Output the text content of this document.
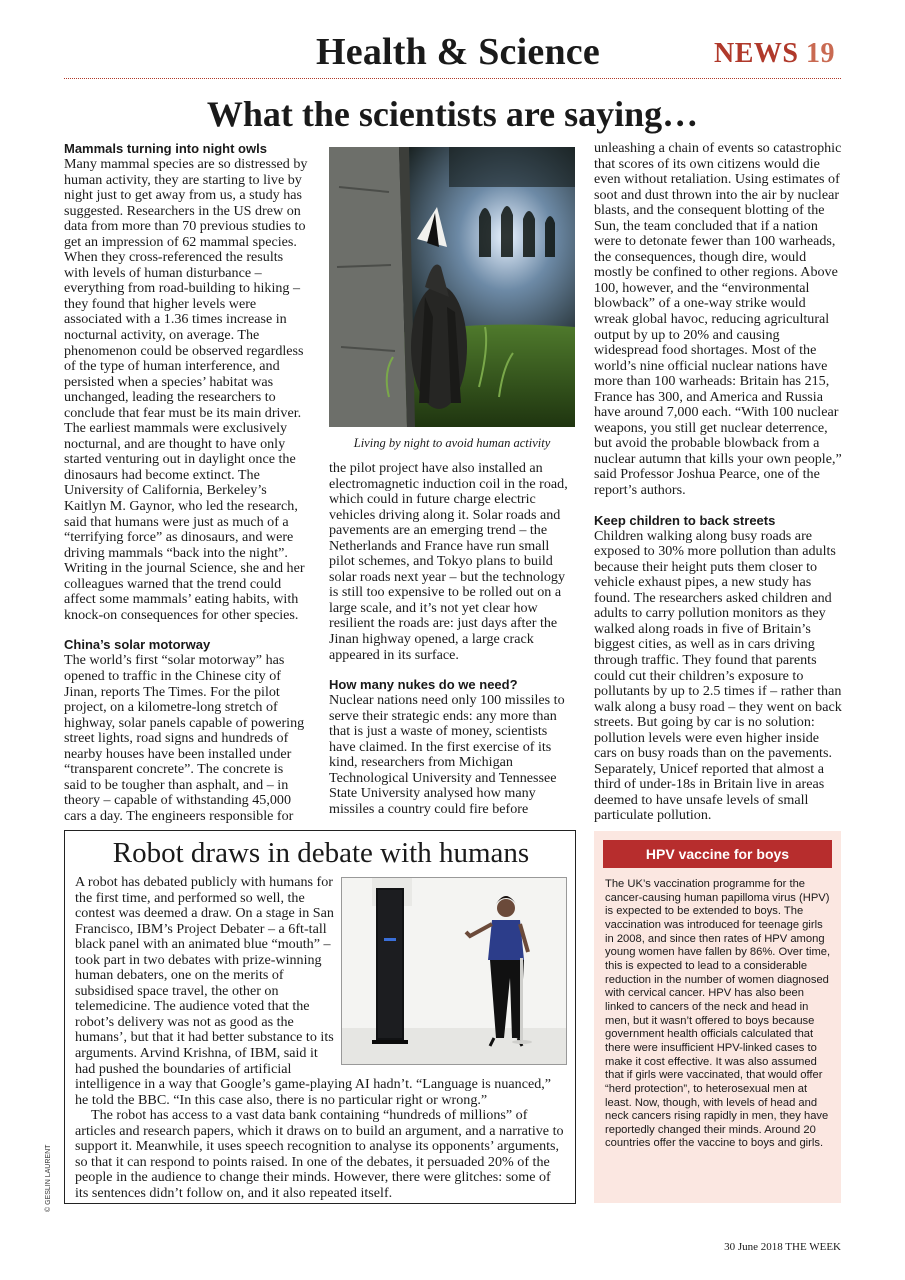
Health & Science	NEWS 19
What the scientists are saying…
Mammals turning into night owls

Many mammal species are so distressed by human activity, they are starting to live by night just to get away from us, a study has suggested. Researchers in the US drew on data from more than 70 previous studies to get an impression of 62 mammal species. When they cross-referenced the results with levels of human disturbance – everything from road-building to hiking – they found that higher levels were associated with a 1.36 times increase in nocturnal activity, on average. The phenomenon could be observed regardless of the type of human interference, and persisted when a species’ habitat was unchanged, leading the researchers to conclude that fear must be its main driver. The earliest mammals were exclusively nocturnal, and are thought to have only started venturing out in daylight once the dinosaurs had become extinct. The University of California, Berkeley’s Kaitlyn M. Gaynor, who led the research, said that humans were just as much of a “terrifying force” as dinosaurs, and were driving mammals “back into the night”. Writing in the journal Science, she and her colleagues warned that the trend could affect some mammals’ eating habits, with knock-on consequences for other species.

China’s solar motorway

The world’s first “solar motorway” has opened to traffic in the Chinese city of Jinan, reports The Times. For the pilot project, on a kilometre-long stretch of highway, solar panels capable of powering street lights, road signs and hundreds of nearby houses have been installed under “transparent concrete”. The concrete is said to be tougher than asphalt, and – in theory – capable of withstanding 45,000 cars a day. The engineers responsible for

Living by night to avoid human activity

the pilot project have also installed an electromagnetic induction coil in the road, which could in future charge electric vehicles driving along it. Solar roads and pavements are an emerging trend – the Netherlands and France have run small pilot schemes, and Tokyo plans to build solar roads next year – but the technology is still too expensive to be rolled out on a large scale, and it’s not yet clear how resilient the roads are: just days after the Jinan highway opened, a large crack appeared in its surface.

How many nukes do we need?

Nuclear nations need only 100 missiles to serve their strategic ends: any more than that is just a waste of money, scientists have claimed. In the first exercise of its kind, researchers from Michigan Technological University and Tennessee State University analysed how many missiles a country could fire before

unleashing a chain of events so catastrophic that scores of its own citizens would die even without retaliation. Using estimates of soot and dust thrown into the air by nuclear blasts, and the consequent blotting of the Sun, the team concluded that if a nation were to detonate fewer than 100 warheads, the consequences, though dire, would mostly be confined to other regions. Above 100, however, and the “environmental blowback” of a one-way strike would wreak global havoc, reducing agricultural output by up to 20% and causing widespread food shortages. Most of the world’s nine official nuclear nations have more than 100 warheads: Britain has 215, France has 300, and America and Russia have around 7,000 each. “With 100 nuclear weapons, you still get nuclear deterrence, but avoid the probable blowback from a nuclear autumn that kills your own people,” said Professor Joshua Pearce, one of the report’s authors.

Keep children to back streets

Children walking along busy roads are exposed to 30% more pollution than adults because their height puts them closer to vehicle exhaust pipes, a new study has found. The researchers asked children and adults to carry pollution monitors as they walked along roads in five of Britain’s biggest cities, as well as in cars driving through traffic. They found that parents could cut their children’s exposure to pollutants by up to 2.5 times if – rather than walk along a busy road – they went on back streets. But going by car is no solution: pollution levels were even higher inside cars on busy roads than on the pavements. Separately, Unicef reported that almost a third of under-18s in Britain live in areas deemed to have unsafe levels of small particulate pollution.

Robot draws in debate with humans

A robot has debated publicly with humans for the first time, and performed so well, the contest was deemed a draw. On a stage in San Francisco, IBM’s Project Debater – a 6ft-tall black panel with an animated blue “mouth” – took part in two debates with prize-winning human debaters, one on the merits of subsidised space travel, the other on telemedicine. The audience voted that the robot’s delivery was not as good as the humans’, but that it had better substance to its arguments. Arvind Krishna, of IBM, said it had pushed the boundaries of artificial intelligence in a way that Google’s game-playing AI hadn’t. “Language is nuanced,” he told the BBC. “In this case also, there is no particular right or wrong.”

The robot has access to a vast data bank containing “hundreds of millions” of articles and research papers, which it draws on to build an argument, and a narrative to support it. Meanwhile, it uses speech recognition to analyse its opponents’ arguments, so that it can respond to points raised. In one of the debates, it persuaded 20% of the people in the audience to change their minds. However, there were glitches: some of its sentences didn’t follow on, and it also repeated itself.

HPV vaccine for boys
The UK’s vaccination programme for the cancer-causing human papilloma virus (HPV) is expected to be extended to boys. The vaccination was introduced for teenage girls in 2008, and since then rates of HPV among young women have fallen by 86%. Over time, this is expected to lead to a considerable reduction in the number of women diagnosed with cervical cancer. HPV has also been linked to cancers of the neck and head in men, but it wasn’t offered to boys because government health officials calculated that there were insufficient HPV-linked cases to make it cost effective. It was also assumed that if girls were vaccinated, that would offer “herd protection”, to heterosexual men at least. Now, though, with levels of head and neck cancers rising rapidly in men, they have reportedly changed their minds. Around 20 countries offer the vaccine to boys and girls.
© GESLIN LAURENT
30 June 2018 THE WEEK
